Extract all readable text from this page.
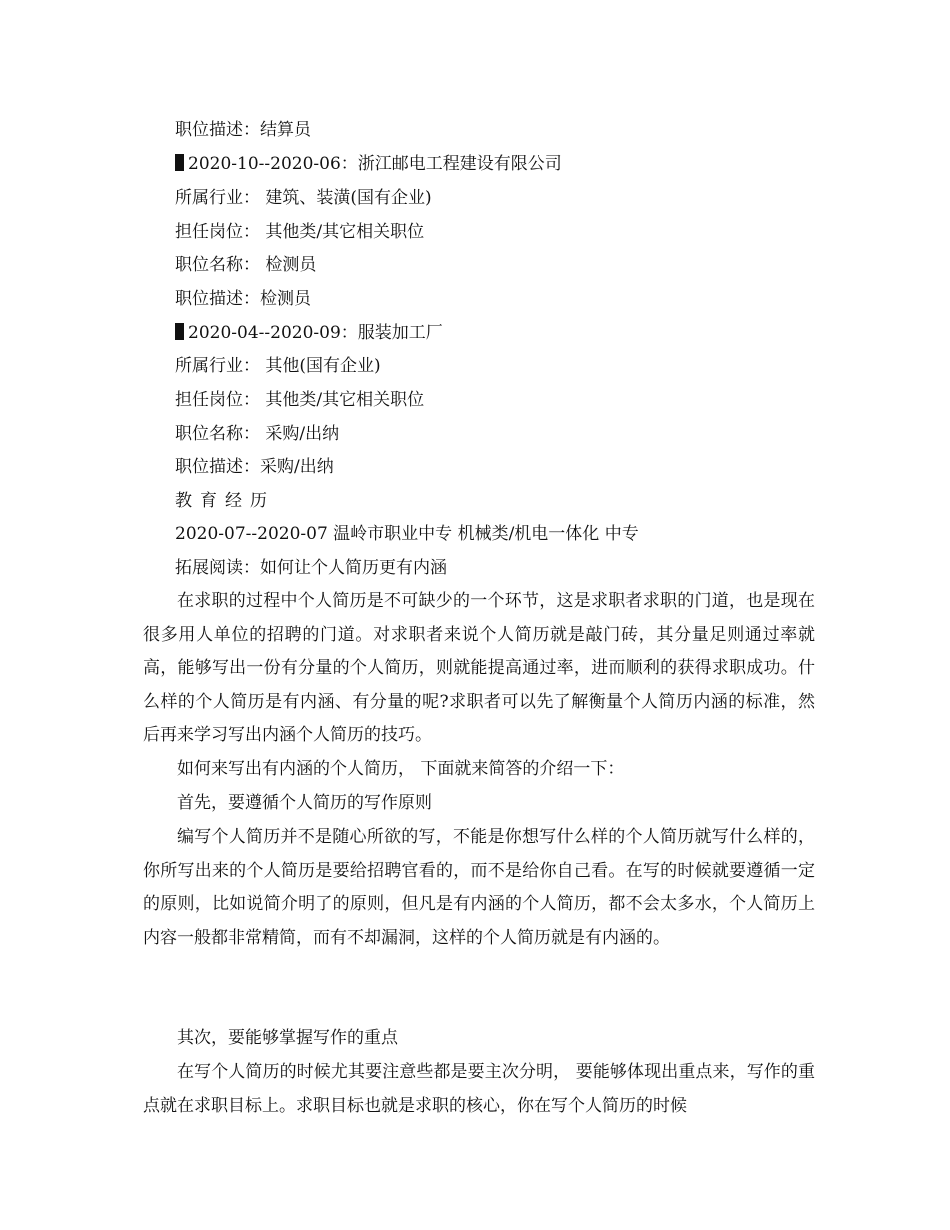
职位描述：结算员
2020-10--2020-06：浙江邮电工程建设有限公司
所属行业： 建筑、装潢(国有企业)
担任岗位： 其他类/其它相关职位
职位名称： 检测员
职位描述：检测员
2020-04--2020-09：服装加工厂
所属行业： 其他(国有企业)
担任岗位： 其他类/其它相关职位
职位名称： 采购/出纳
职位描述：采购/出纳
教育经历
2020-07--2020-07 温岭市职业中专 机械类/机电一体化 中专
拓展阅读：如何让个人简历更有内涵

在求职的过程中个人简历是不可缺少的一个环节，这是求职者求职的门道，也是现在很多用人单位的招聘的门道。对求职者来说个人简历就是敲门砖，其分量足则通过率就高，能够写出一份有分量的个人简历，则就能提高通过率，进而顺利的获得求职成功。什么样的个人简历是有内涵、有分量的呢?求职者可以先了解衡量个人简历内涵的标准，然后再来学习写出内涵个人简历的技巧。

如何来写出有内涵的个人简历， 下面就来简答的介绍一下：

首先，要遵循个人简历的写作原则

编写个人简历并不是随心所欲的写，不能是你想写什么样的个人简历就写什么样的，你所写出来的个人简历是要给招聘官看的，而不是给你自己看。在写的时候就要遵循一定的原则，比如说简介明了的原则，但凡是有内涵的个人简历，都不会太多水，个人简历上内容一般都非常精简，而有不却漏洞，这样的个人简历就是有内涵的。

其次，要能够掌握写作的重点

在写个人简历的时候尤其要注意些都是要主次分明， 要能够体现出重点来，写作的重点就在求职目标上。求职目标也就是求职的核心，你在写个人简历的时候
